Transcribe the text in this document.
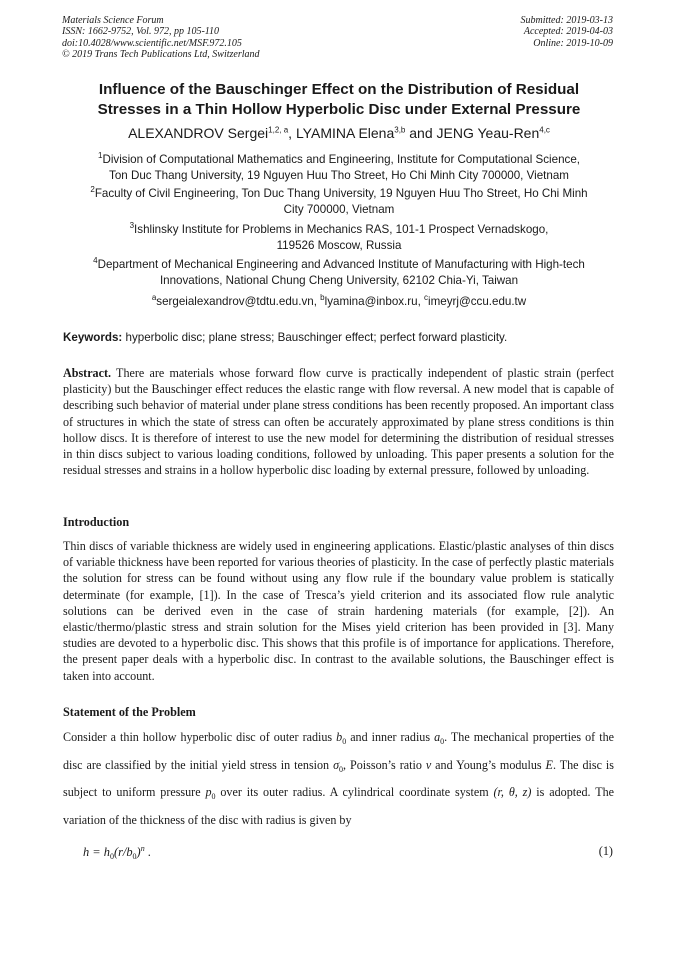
Materials Science Forum
ISSN: 1662-9752, Vol. 972, pp 105-110
doi:10.4028/www.scientific.net/MSF.972.105
© 2019 Trans Tech Publications Ltd, Switzerland
Submitted: 2019-03-13
Accepted: 2019-04-03
Online: 2019-10-09
Influence of the Bauschinger Effect on the Distribution of Residual
Stresses in a Thin Hollow Hyperbolic Disc under External Pressure
ALEXANDROV Sergei$^{1,2, a}$, LYAMINA Elena$^{3,b}$ and JENG Yeau-Ren$^{4,c}$
$^1$Division of Computational Mathematics and Engineering, Institute for Computational Science,
Ton Duc Thang University, 19 Nguyen Huu Tho Street, Ho Chi Minh City 700000, Vietnam
$^2$Faculty of Civil Engineering, Ton Duc Thang University, 19 Nguyen Huu Tho Street, Ho Chi Minh
City 700000, Vietnam
$^3$Ishlinsky Institute for Problems in Mechanics RAS, 101-1 Prospect Vernadskogo,
119526 Moscow, Russia
$^4$Department of Mechanical Engineering and Advanced Institute of Manufacturing with High-tech
Innovations, National Chung Cheng University, 62102 Chia-Yi, Taiwan
$^a$sergeialexandrov@tdtu.edu.vn, $^b$lyamina@inbox.ru, $^c$imeyrj@ccu.edu.tw
Keywords: hyperbolic disc; plane stress; Bauschinger effect; perfect forward plasticity.

Abstract. There are materials whose forward flow curve is practically independent of plastic strain (perfect plasticity) but the Bauschinger effect reduces the elastic range with flow reversal. A new model that is capable of describing such behavior of material under plane stress conditions has been recently proposed. An important class of structures in which the state of stress can often be accurately approximated by plane stress conditions is thin hollow discs. It is therefore of interest to use the new model for determining the distribution of residual stresses in thin discs subject to various loading conditions, followed by unloading. This paper presents a solution for the residual stresses and strains in a hollow hyperbolic disc loading by external pressure, followed by unloading.

Introduction

Thin discs of variable thickness are widely used in engineering applications. Elastic/plastic analyses of thin discs of variable thickness have been reported for various theories of plasticity. In the case of perfectly plastic materials the solution for stress can be found without using any flow rule if the boundary value problem is statically determinate (for example, [1]). In the case of Tresca’s yield criterion and its associated flow rule analytic solutions can be derived even in the case of strain hardening materials (for example, [2]). An elastic/thermo/plastic stress and strain solution for the Mises yield criterion has been provided in [3]. Many studies are devoted to a hyperbolic disc. This shows that this profile is of importance for applications. Therefore, the present paper deals with a hyperbolic disc. In contrast to the available solutions, the Bauschinger effect is taken into account.

Statement of the Problem

Consider a thin hollow hyperbolic disc of outer radius $b_0$ and inner radius $a_0$. The mechanical properties of the disc are classified by the initial yield stress in tension $\sigma_0$, Poisson’s ratio ν and Young’s modulus E. The disc is subject to uniform pressure $p_0$ over its outer radius. A cylindrical coordinate system (r, θ, z) is adopted. The variation of the thickness of the disc with radius is given by

$h = h_0(r/b_0)^n$ .	(1)
